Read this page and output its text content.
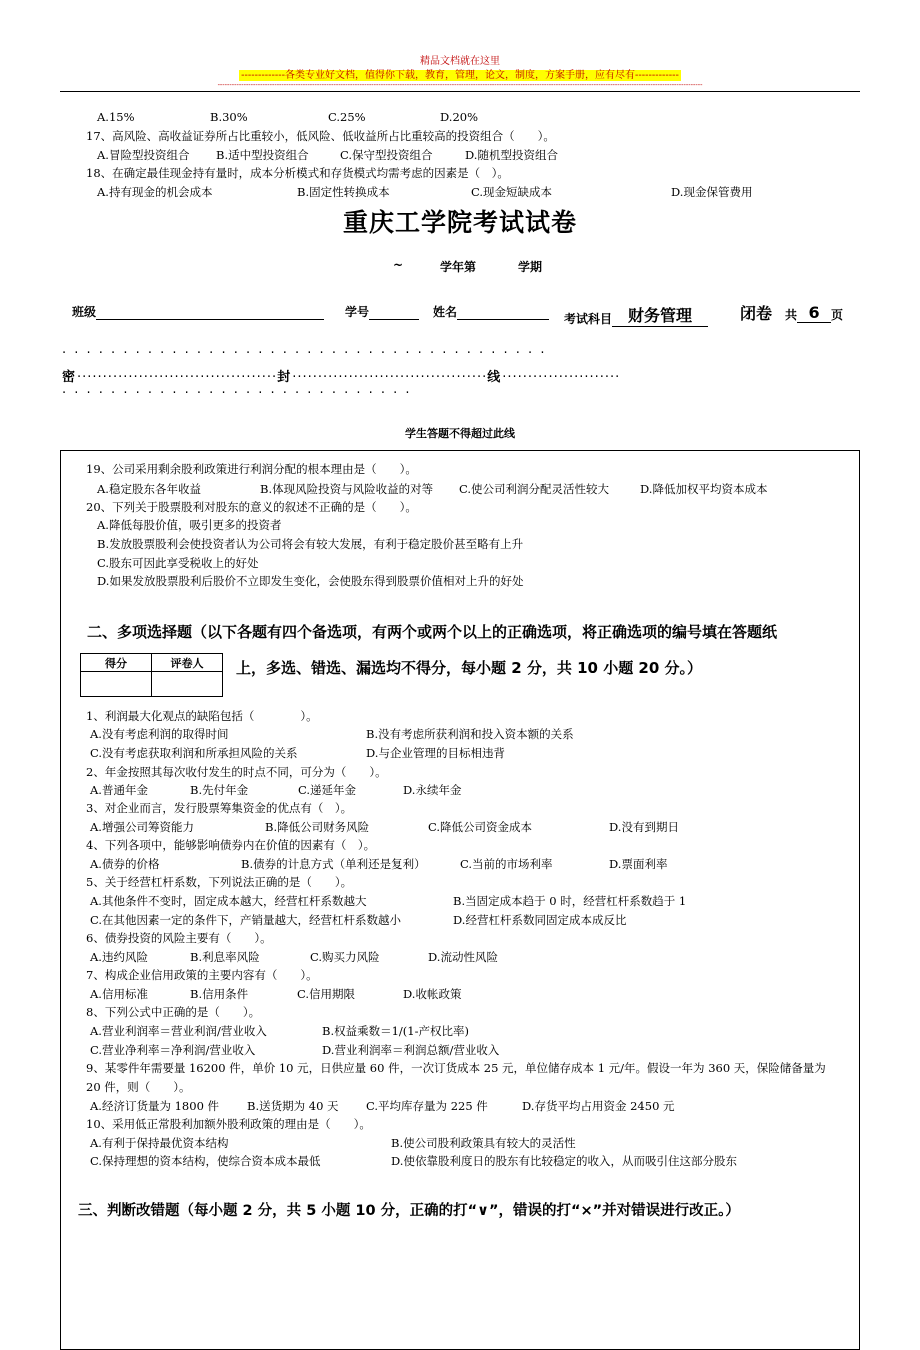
精品文档就在这里
-------------各类专业好文档，值得你下载，教育，管理，论文，制度，方案手册，应有尽有-------------
-------------------------------------------------------------------------------------------------------------------------------------------------------------------------------------------------------------
A.15%	B.30%	C.25%	D.20%
17、高风险、高收益证券所占比重较小，低风险、低收益所占比重较高的投资组合（　　）。
A.冒险型投资组合 B.适中型投资组合	C.保守型投资组合	D.随机型投资组合
18、在确定最佳现金持有量时，成本分析模式和存货模式均需考虑的因素是（　）。
A.持有现金的机会成本	B.固定性转换成本	C.现金短缺成本	D.现金保管费用
重庆工学院考试试卷
~	学年第	学期
班级	学号	姓名	考试科目 财务管理	闭卷 共 6 页
· · · · · · · · · · · · · · · · · · · · · · · · · · · · · · · · · · · · · · · ·
密·······································封······································线·······················
· · · · · · · · · · · · · · · · · · · · · · · · · · · · ·
学生答题不得超过此线
19、公司采用剩余股利政策进行利润分配的根本理由是（　　）。
A.稳定股东各年收益	B.体现风险投资与风险收益的对等 C.使公司利润分配灵活性较大	D.降低加权平均资本成本
20、下列关于股票股利对股东的意义的叙述不正确的是（　　）。
A.降低每股价值，吸引更多的投资者
B.发放股票股利会使投资者认为公司将会有较大发展，有利于稳定股价甚至略有上升
C.股东可因此享受税收上的好处
D.如果发放股票股利后股价不立即发生变化，会使股东得到股票价值相对上升的好处
二、多项选择题（以下各题有四个备选项，有两个或两个以上的正确选项，将正确选项的编号填在答题纸
上，多选、错选、漏选均不得分，每小题 2 分，共 10 小题 20 分。）
得分	评卷人

1、利润最大化观点的缺陷包括（　　　　）。
A.没有考虑利润的取得时间	B.没有考虑所获利润和投入资本额的关系
C.没有考虑获取利润和所承担风险的关系	D.与企业管理的目标相违背
2、年金按照其每次收付发生的时点不同，可分为（　　）。
A.普通年金	B.先付年金	C.递延年金	D.永续年金
3、对企业而言，发行股票筹集资金的优点有（　）。
A.增强公司筹资能力	B.降低公司财务风险	C.降低公司资金成本	D.没有到期日
4、下列各项中，能够影响债券内在价值的因素有（　）。
A.债券的价格	B.债券的计息方式（单利还是复利）	C.当前的市场利率	D.票面利率
5、关于经营杠杆系数，下列说法正确的是（　　）。
A.其他条件不变时，固定成本越大，经营杠杆系数越大	B.当固定成本趋于 0 时，经营杠杆系数趋于 1
C.在其他因素一定的条件下，产销量越大，经营杠杆系数越小	D.经营杠杆系数同固定成本成反比
6、债券投资的风险主要有（　　）。
A.违约风险	B.利息率风险	C.购买力风险	D.流动性风险
7、构成企业信用政策的主要内容有（　　）。
A.信用标准	B.信用条件	C.信用期限	D.收帐政策
8、下列公式中正确的是（　　）。
A.营业利润率＝营业利润/营业收入	B.权益乘数＝1/(1-产权比率)
C.营业净利率＝净利润/营业收入	D.营业利润率＝利润总额/营业收入
9、某零件年需要量 16200 件，单价 10 元，日供应量 60 件，一次订货成本 25 元，单位储存成本 1 元/年。假设一年为 360 天，保险储备量为
20 件，则（　　）。
A.经济订货量为 1800 件 B.送货期为 40 天 C.平均库存量为 225 件	D.存货平均占用资金 2450 元
10、采用低正常股利加额外股利政策的理由是（　　）。
A.有利于保持最优资本结构	B.使公司股利政策具有较大的灵活性
C.保持理想的资本结构，使综合资本成本最低	D.使依靠股利度日的股东有比较稳定的收入，从而吸引住这部分股东
三、判断改错题（每小题 2 分，共 5 小题 10 分，正确的打“∨”，错误的打“×”并对错误进行改正。）
